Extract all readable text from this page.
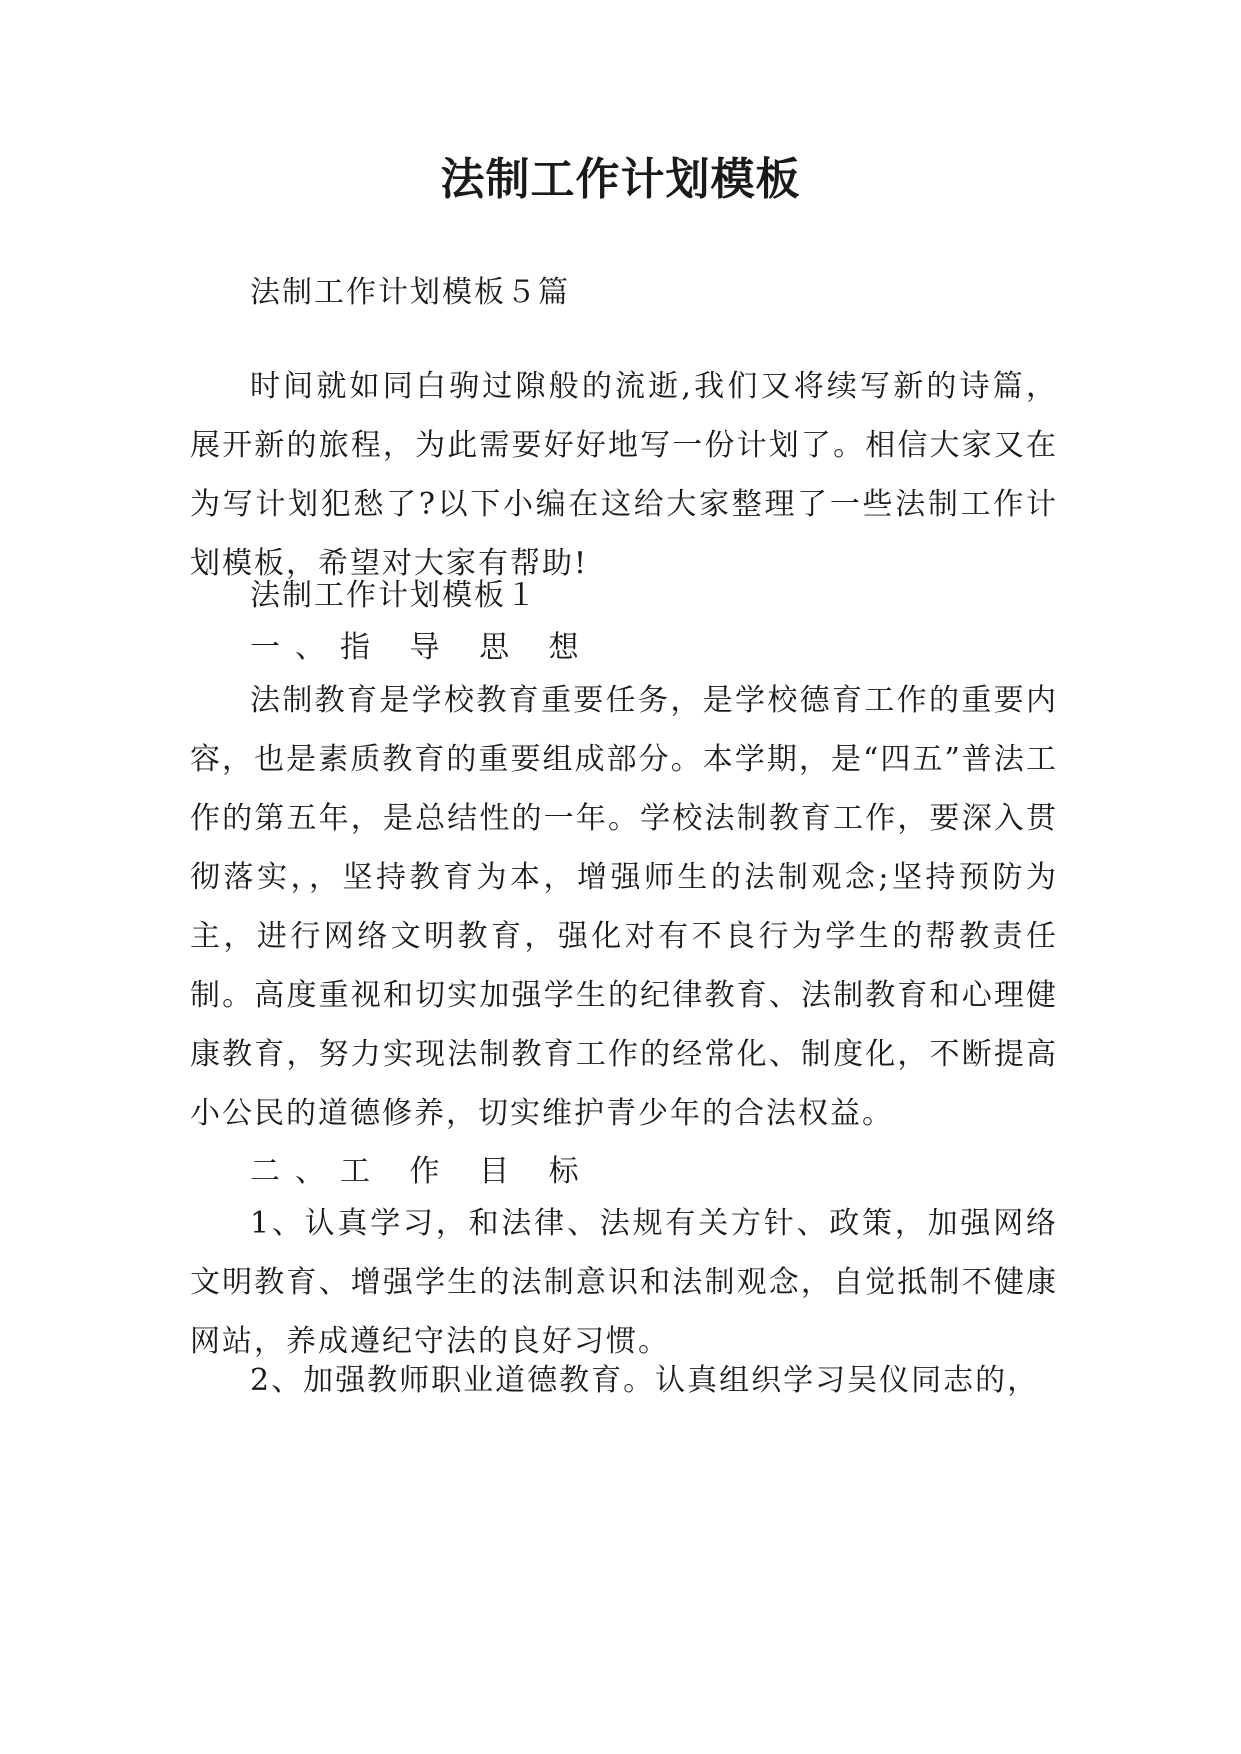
法制工作计划模板
法制工作计划模板５篇
时间就如同白驹过隙般的流逝,我们又将续写新的诗篇，展开新的旅程，为此需要好好地写一份计划了。相信大家又在为写计划犯愁了?以下小编在这给大家整理了一些法制工作计划模板，希望对大家有帮助!
法制工作计划模板１
一、指 导 思 想
法制教育是学校教育重要任务，是学校德育工作的重要内容，也是素质教育的重要组成部分。本学期，是“四五”普法工作的第五年，是总结性的一年。学校法制教育工作，要深入贯彻落实，，坚持教育为本，增强师生的法制观念;坚持预防为主，进行网络文明教育，强化对有不良行为学生的帮教责任制。高度重视和切实加强学生的纪律教育、法制教育和心理健康教育，努力实现法制教育工作的经常化、制度化，不断提高小公民的道德修养，切实维护青少年的合法权益。
二、工 作 目 标
1、认真学习，和法律、法规有关方针、政策，加强网络文明教育、增强学生的法制意识和法制观念，自觉抵制不健康网站，养成遵纪守法的良好习惯。
2、加强教师职业道德教育。认真组织学习吴仪同志的，
